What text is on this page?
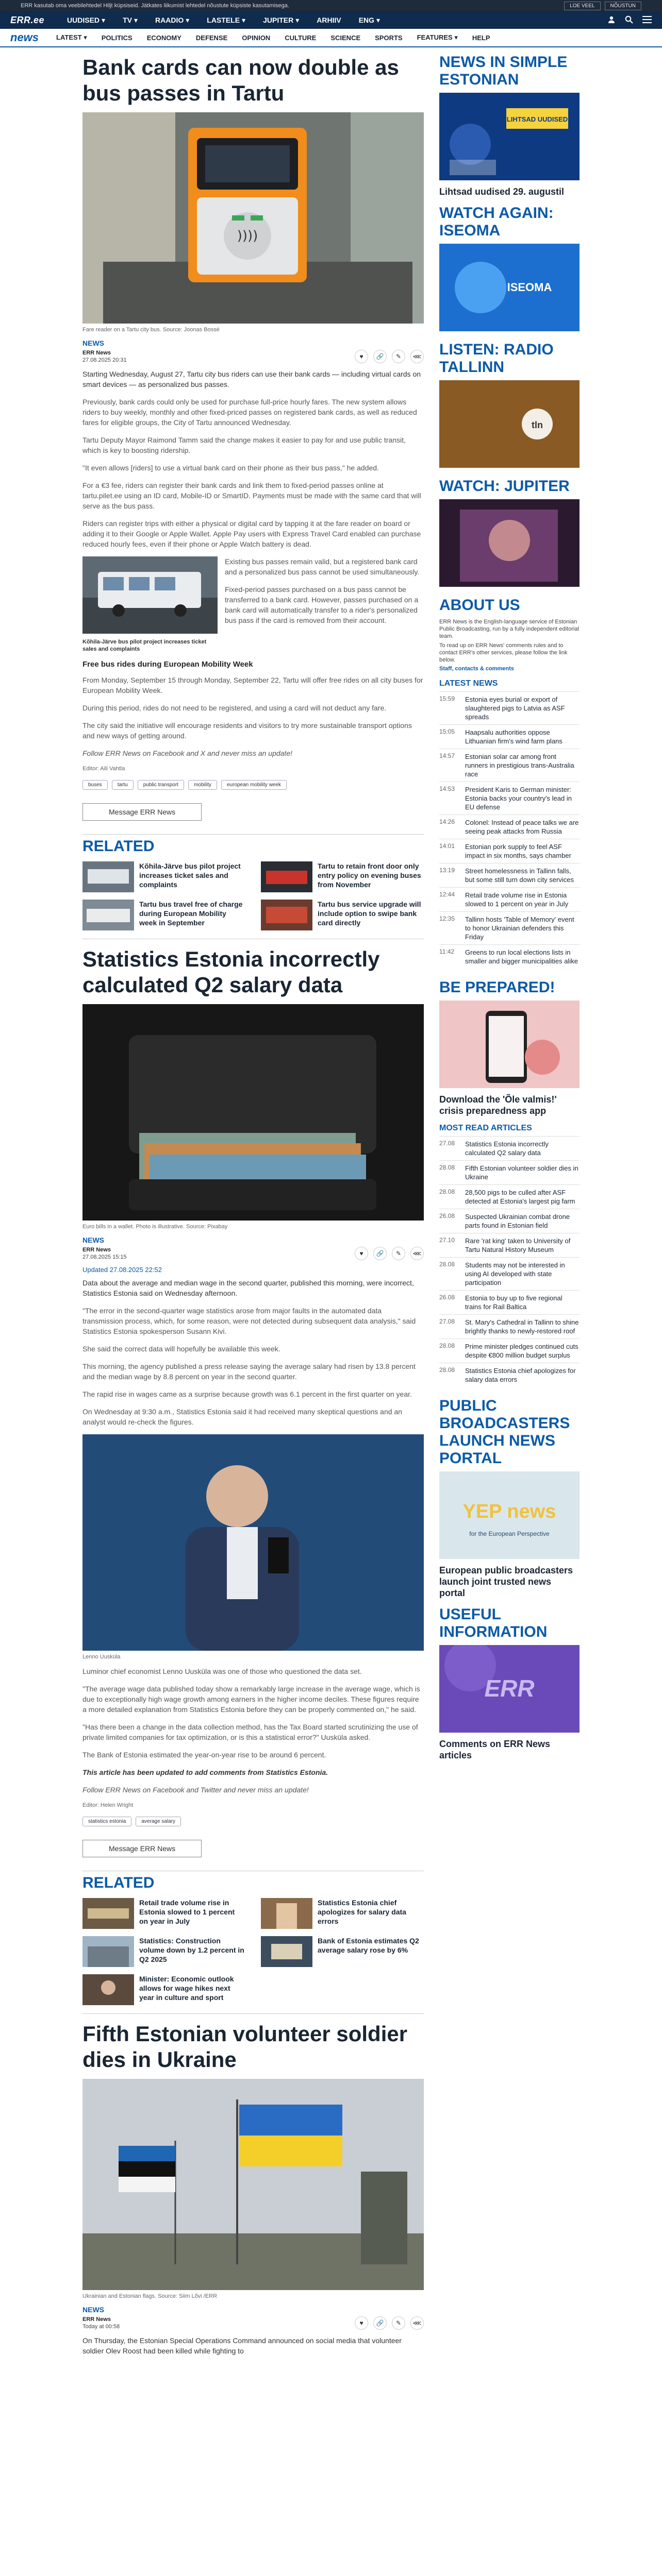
ERR kasutab oma veebilehtedel Hiljt küpsiseid. Jätkates liikumist lehtedel nõustute küpsiste kasutamisega.	LOE VEEL	NÕUSTUN
ERR.ee	UUDISED ▾ TV ▾ RAADIO ▾ LASTELE ▾ JUPITER ▾ ARHIIV ENG ▾
news	LATEST ▾ POLITICS ECONOMY DEFENSE OPINION CULTURE SCIENCE SPORTS FEATURES ▾ HELP
Bank cards can now double as bus passes in Tartu
))))
Fare reader on a Tartu city bus. Source: Joonas Bossé
NEWS
ERR News
27.08.2025 20:31	♥	🔗	✎	⋘

Starting Wednesday, August 27, Tartu city bus riders can use their bank cards — including virtual cards on smart devices — as personalized bus passes.

Previously, bank cards could only be used for purchase full-price hourly fares. The new system allows riders to buy weekly, monthly and other fixed-priced passes on registered bank cards, as well as reduced fares for eligible groups, the City of Tartu announced Wednesday.

Tartu Deputy Mayor Raimond Tamm said the change makes it easier to pay for and use public transit, which is key to boosting ridership.

"It even allows [riders] to use a virtual bank card on their phone as their bus pass," he added.

For a €3 fee, riders can register their bank cards and link them to fixed-period passes online at tartu.pilet.ee using an ID card, Mobile-ID or SmartID. Payments must be made with the same card that will serve as the bus pass.

Riders can register trips with either a physical or digital card by tapping it at the fare reader on board or adding it to their Google or Apple Wallet. Apple Pay users with Express Travel Card enabled can purchase reduced hourly fees, even if their phone or Apple Watch battery is dead.

Kõhila-Järve bus pilot project increases ticket sales and complaints

Existing bus passes remain valid, but a registered bank card and a personalized bus pass cannot be used simultaneously.

Fixed-period passes purchased on a bus pass cannot be transferred to a bank card. However, passes purchased on a bank card will automatically transfer to a rider's personalized bus pass if the card is removed from their account.

Free bus rides during European Mobility Week

From Monday, September 15 through Monday, September 22, Tartu will offer free rides on all city buses for European Mobility Week.

During this period, rides do not need to be registered, and using a card will not deduct any fare.

The city said the initiative will encourage residents and visitors to try more sustainable transport options and new ways of getting around.

Follow ERR News on Facebook and X and never miss an update!

Editor: Aili Vahtla
buses	tartu	public transport	mobility	european mobility week
Message ERR News
RELATED
Kõhila-Järve bus pilot project increases ticket sales and complaints
Tartu to retain front door only entry policy on evening buses from November
Tartu bus travel free of charge during European Mobility week in September
Tartu bus service upgrade will include option to swipe bank card directly
Statistics Estonia incorrectly calculated Q2 salary data
Euro bills in a wallet. Photo is illustrative. Source: Pixabay
NEWS
ERR News
27.08.2025 15:15	♥	🔗	✎	⋘
Updated 27.08.2025 22:52

Data about the average and median wage in the second quarter, published this morning, were incorrect, Statistics Estonia said on Wednesday afternoon.

"The error in the second-quarter wage statistics arose from major faults in the automated data transmission process, which, for some reason, were not detected during subsequent data analysis," said Statistics Estonia spokesperson Susann Kivi.

She said the correct data will hopefully be available this week.

This morning, the agency published a press release saying the average salary had risen by 13.8 percent and the median wage by 8.8 percent on year in the second quarter.

The rapid rise in wages came as a surprise because growth was 6.1 percent in the first quarter on year.

On Wednesday at 9:30 a.m., Statistics Estonia said it had received many skeptical questions and an analyst would re-check the figures.

Lenno Uusküla

Luminor chief economist Lenno Uusküla was one of those who questioned the data set.

"The average wage data published today show a remarkably large increase in the average wage, which is due to exceptionally high wage growth among earners in the higher income deciles. These figures require a more detailed explanation from Statistics Estonia before they can be properly commented on," he said.

"Has there been a change in the data collection method, has the Tax Board started scrutinizing the use of private limited companies for tax optimization, or is this a statistical error?" Uusküla asked.

The Bank of Estonia estimated the year-on-year rise to be around 6 percent.

This article has been updated to add comments from Statistics Estonia.

Follow ERR News on Facebook and Twitter and never miss an update!

Editor: Helen Wright
statistics estonia	average salary
Message ERR News
RELATED
Retail trade volume rise in Estonia slowed to 1 percent on year in July
Statistics Estonia chief apologizes for salary data errors
Statistics: Construction volume down by 1.2 percent in Q2 2025
Bank of Estonia estimates Q2 average salary rose by 6%
Minister: Economic outlook allows for wage hikes next year in culture and sport
Fifth Estonian volunteer soldier dies in Ukraine
Ukrainian and Estonian flags. Source: Siim Lõvi /ERR
NEWS
ERR News
Today at 00:58	♥	🔗	✎	⋘

On Thursday, the Estonian Special Operations Command announced on social media that volunteer soldier Olev Roost had been killed while fighting to

NEWS IN SIMPLE ESTONIAN
LIHTSAD UUDISED
Lihtsad uudised 29. augustil
WATCH AGAIN: ISEOMA
ISEOMA
LISTEN: RADIO TALLINN
tln
WATCH: JUPITER
ABOUT US
ERR News is the English-language service of Estonian Public Broadcasting, run by a fully independent editorial team.
To read up on ERR News' comments rules and to contact ERR's other services, please follow the link below.
Staff, contacts & comments
LATEST NEWS
15:59	Estonia eyes burial or export of slaughtered pigs to Latvia as ASF spreads
15:05	Haapsalu authorities oppose Lithuanian firm's wind farm plans
14:57	Estonian solar car among front runners in prestigious trans-Australia race
14:53	President Karis to German minister: Estonia backs your country's lead in EU defense
14:26	Colonel: Instead of peace talks we are seeing peak attacks from Russia
14:01	Estonian pork supply to feel ASF impact in six months, says chamber
13:19	Street homelessness in Tallinn falls, but some still turn down city services
12:44	Retail trade volume rise in Estonia slowed to 1 percent on year in July
12:35	Tallinn hosts 'Table of Memory' event to honor Ukrainian defenders this Friday
11:42	Greens to run local elections lists in smaller and bigger municipalities alike
BE PREPARED!
Download the 'Õle valmis!' crisis preparedness app
MOST READ ARTICLES
27.08	Statistics Estonia incorrectly calculated Q2 salary data
28.08	Fifth Estonian volunteer soldier dies in Ukraine
28.08	28,500 pigs to be culled after ASF detected at Estonia's largest pig farm
26.08	Suspected Ukrainian combat drone parts found in Estonian field
27.10	Rare 'rat king' taken to University of Tartu Natural History Museum
28.08	Students may not be interested in using AI developed with state participation
26.08	Estonia to buy up to five regional trains for Rail Baltica
27.08	St. Mary's Cathedral in Tallinn to shine brightly thanks to newly-restored roof
28.08	Prime minister pledges continued cuts despite €800 million budget surplus
28.08	Statistics Estonia chief apologizes for salary data errors
PUBLIC BROADCASTERS LAUNCH NEWS PORTAL
YEP news
for the European Perspective
European public broadcasters launch joint trusted news portal
USEFUL INFORMATION
ERR
Comments on ERR News articles
